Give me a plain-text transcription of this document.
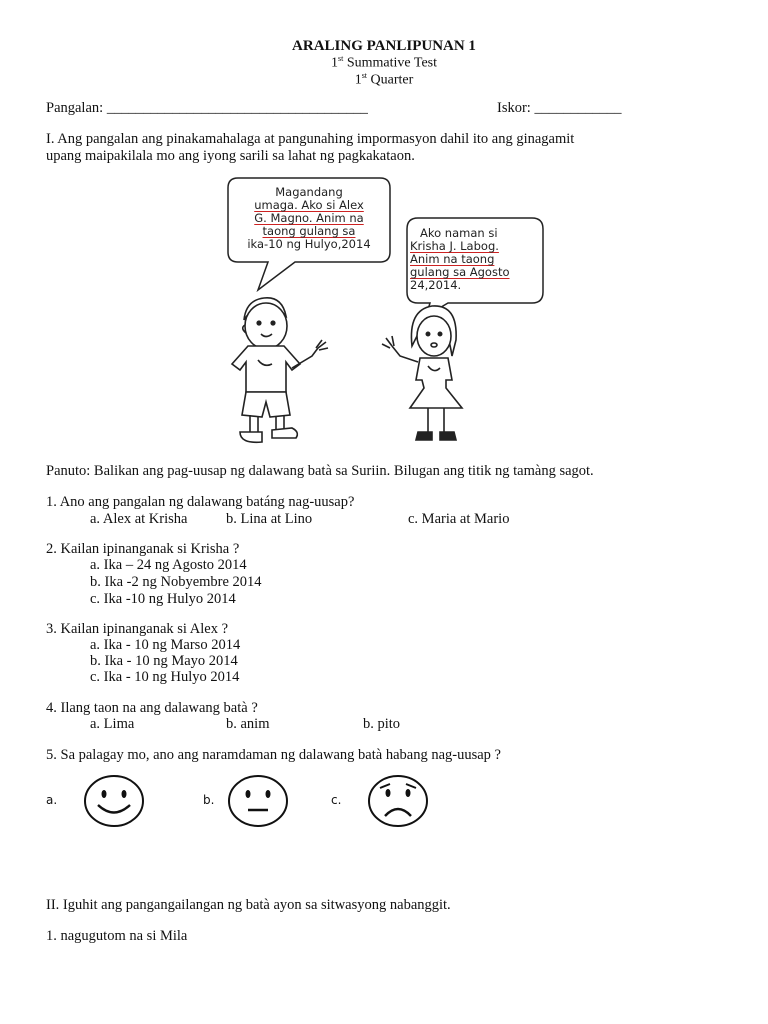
ARALING PANLIPUNAN 1
1st Summative Test
1st Quarter
Pangalan: ____________________________________	Iskor: ____________
I. Ang pangalan ang pinakamahalaga at pangunahing impormasyon dahil ito ang ginagamit
upang maipakilala mo ang iyong sarili sa lahat ng pagkakataon.
Magandang
umaga. Ako si Alex
G. Magno. Anim na
taong gulang sa
ika-10 ng Hulyo,2014
Ako naman si
Krisha J. Labog.
Anim na taong
gulang sa Agosto
24,2014.
Panuto: Balikan ang pag-uusap ng dalawang batà sa Suriin. Bilugan ang titik ng tamàng sagot.
1. Ano ang pangalan ng dalawang batáng nag-uusap?
a. Alex at Krisha	b. Lina at Lino	c. Maria at Mario
2. Kailan ipinanganak si Krisha ?
a. Ika – 24 ng Agosto 2014
b. Ika -2 ng Nobyembre 2014
c. Ika -10 ng Hulyo 2014
3. Kailan ipinanganak si Alex ?
a. Ika - 10 ng Marso 2014
b. Ika - 10 ng Mayo 2014
c. Ika - 10 ng Hulyo 2014
4. Ilang taon na ang dalawang batà ?
a. Lima	b. anim	b. pito
5. Sa palagay mo, ano ang naramdaman ng dalawang batà habang nag-uusap ?
a.	b.	c.
II. Iguhit ang pangangailangan ng batà ayon sa sitwasyong nabanggit.
1. nagugutom na si Mila
